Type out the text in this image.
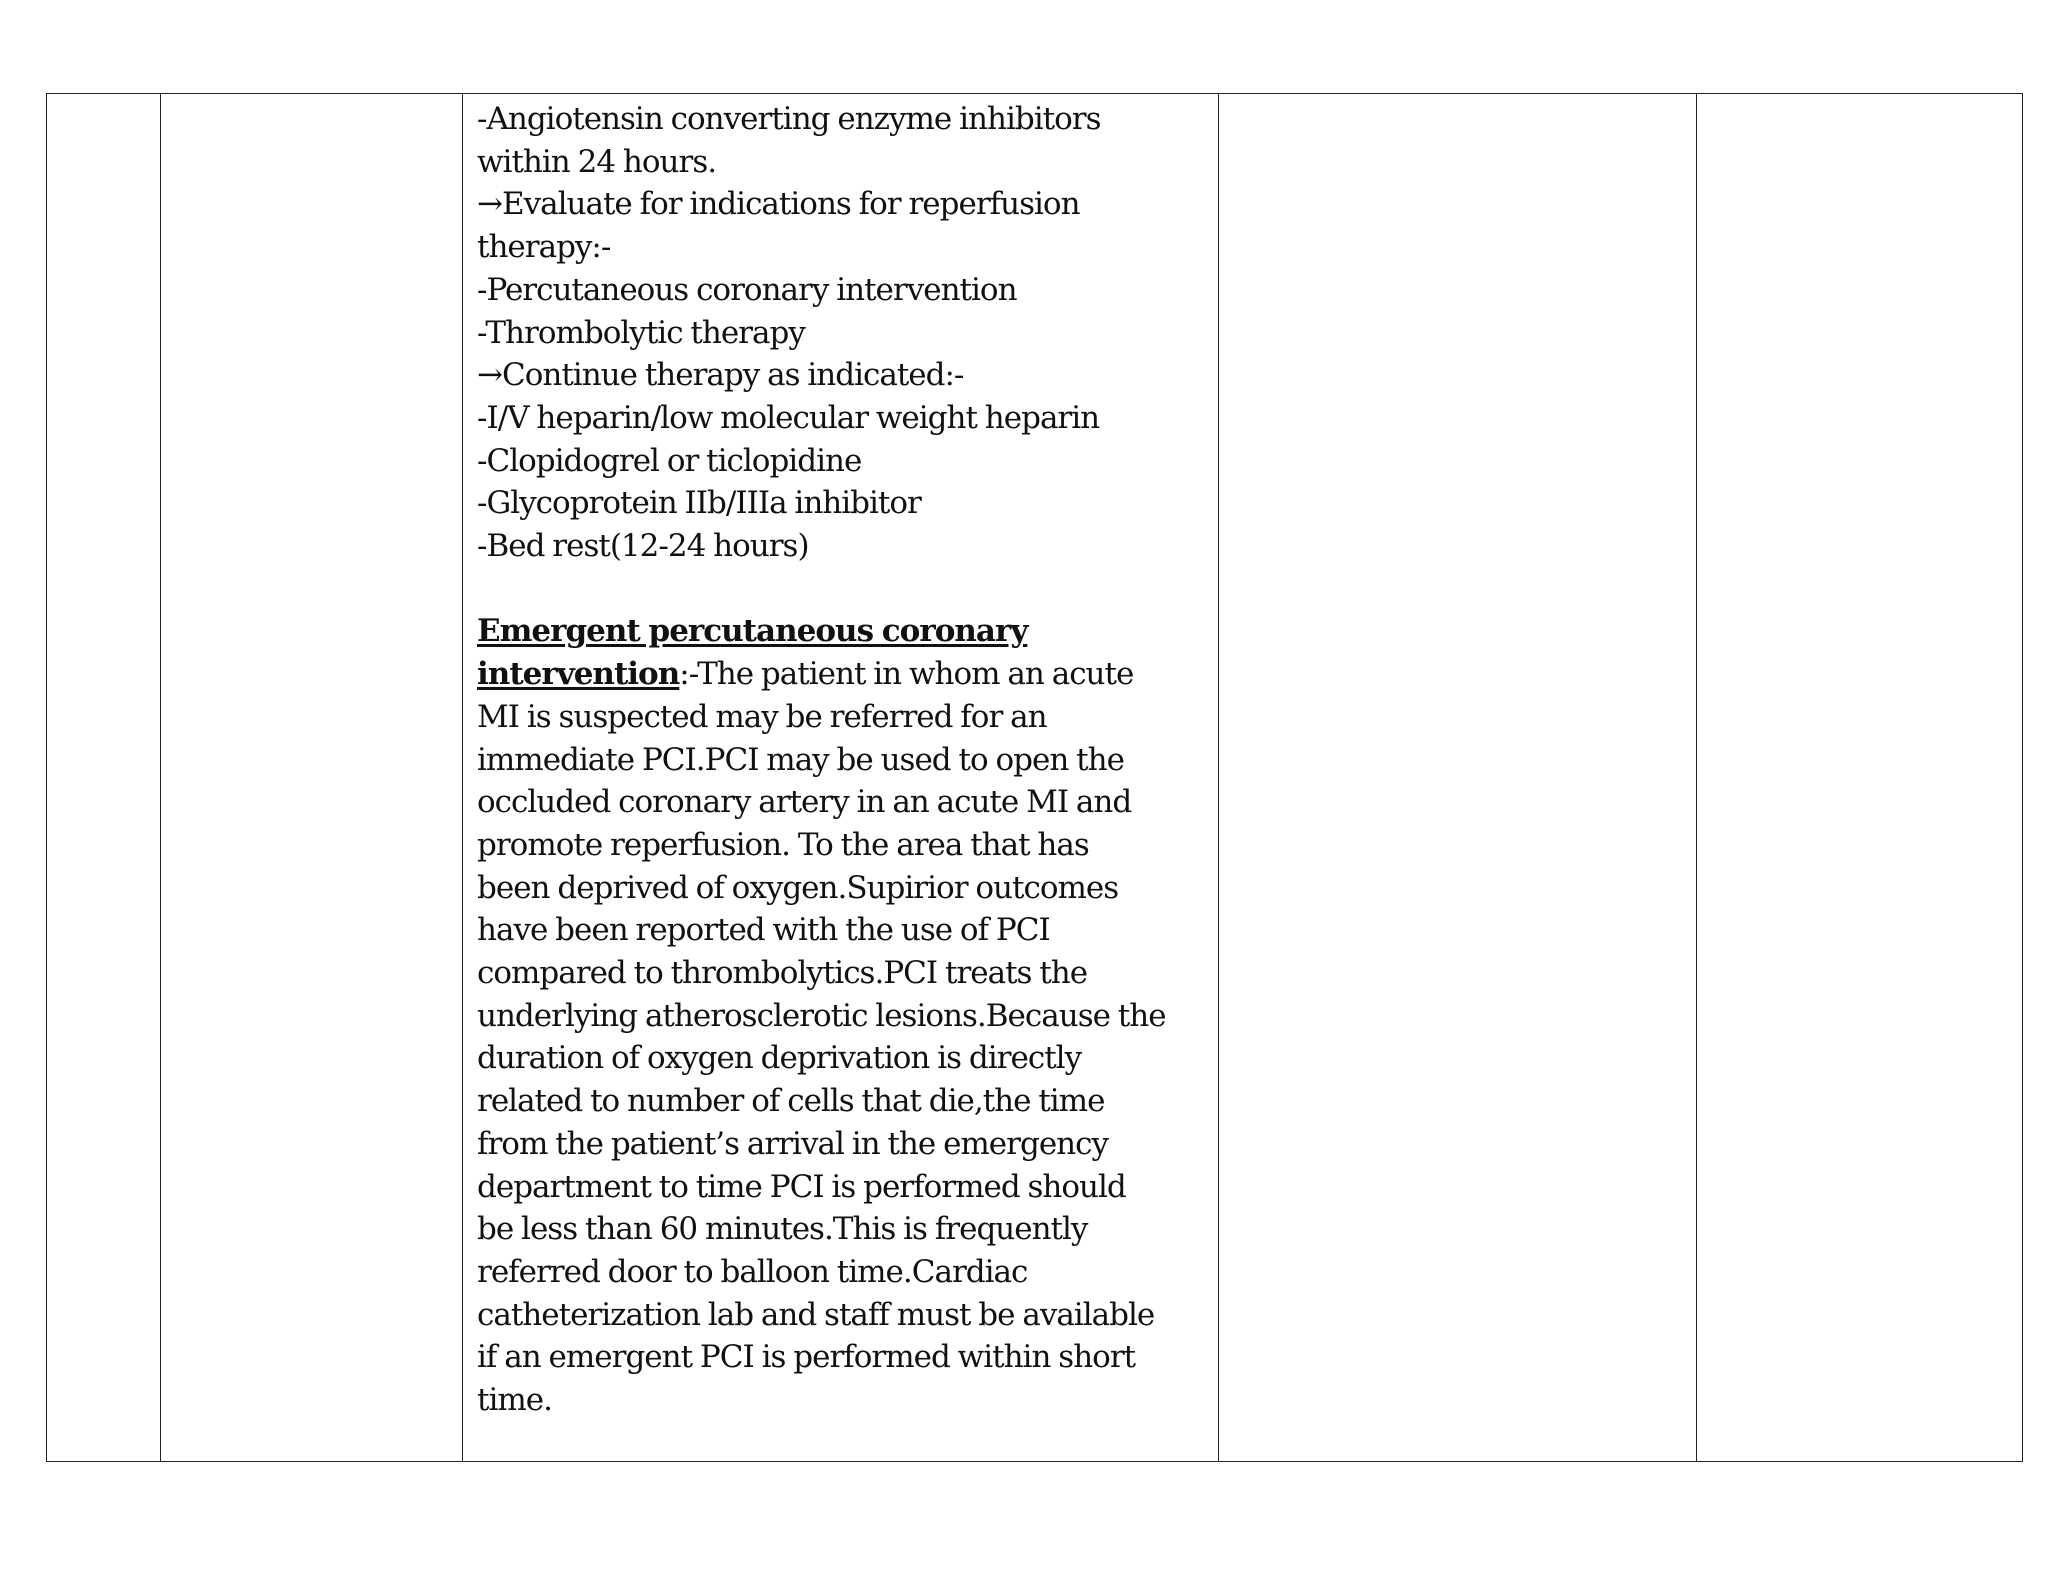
-Angiotensin converting enzyme inhibitors
within 24 hours.
→Evaluate for indications for reperfusion
therapy:-
-Percutaneous coronary intervention
-Thrombolytic therapy
→Continue therapy as indicated:-
-I/V heparin/low molecular weight heparin
-Clopidogrel or ticlopidine
-Glycoprotein IIb/IIIa inhibitor
-Bed rest(12-24 hours)
Emergent percutaneous coronary
intervention:-The patient in whom an acute
MI is suspected may be referred for an
immediate PCI.PCI may be used to open the
occluded coronary artery in an acute MI and
promote reperfusion. To the area that has
been deprived of oxygen.Supirior outcomes
have been reported with the use of PCI
compared to thrombolytics.PCI treats the
underlying atherosclerotic lesions.Because the
duration of oxygen deprivation is directly
related to number of cells that die,the time
from the patient’s arrival in the emergency
department to time PCI is performed should
be less than 60 minutes.This is frequently
referred door to balloon time.Cardiac
catheterization lab and staff must be available
if an emergent PCI is performed within short
time.
